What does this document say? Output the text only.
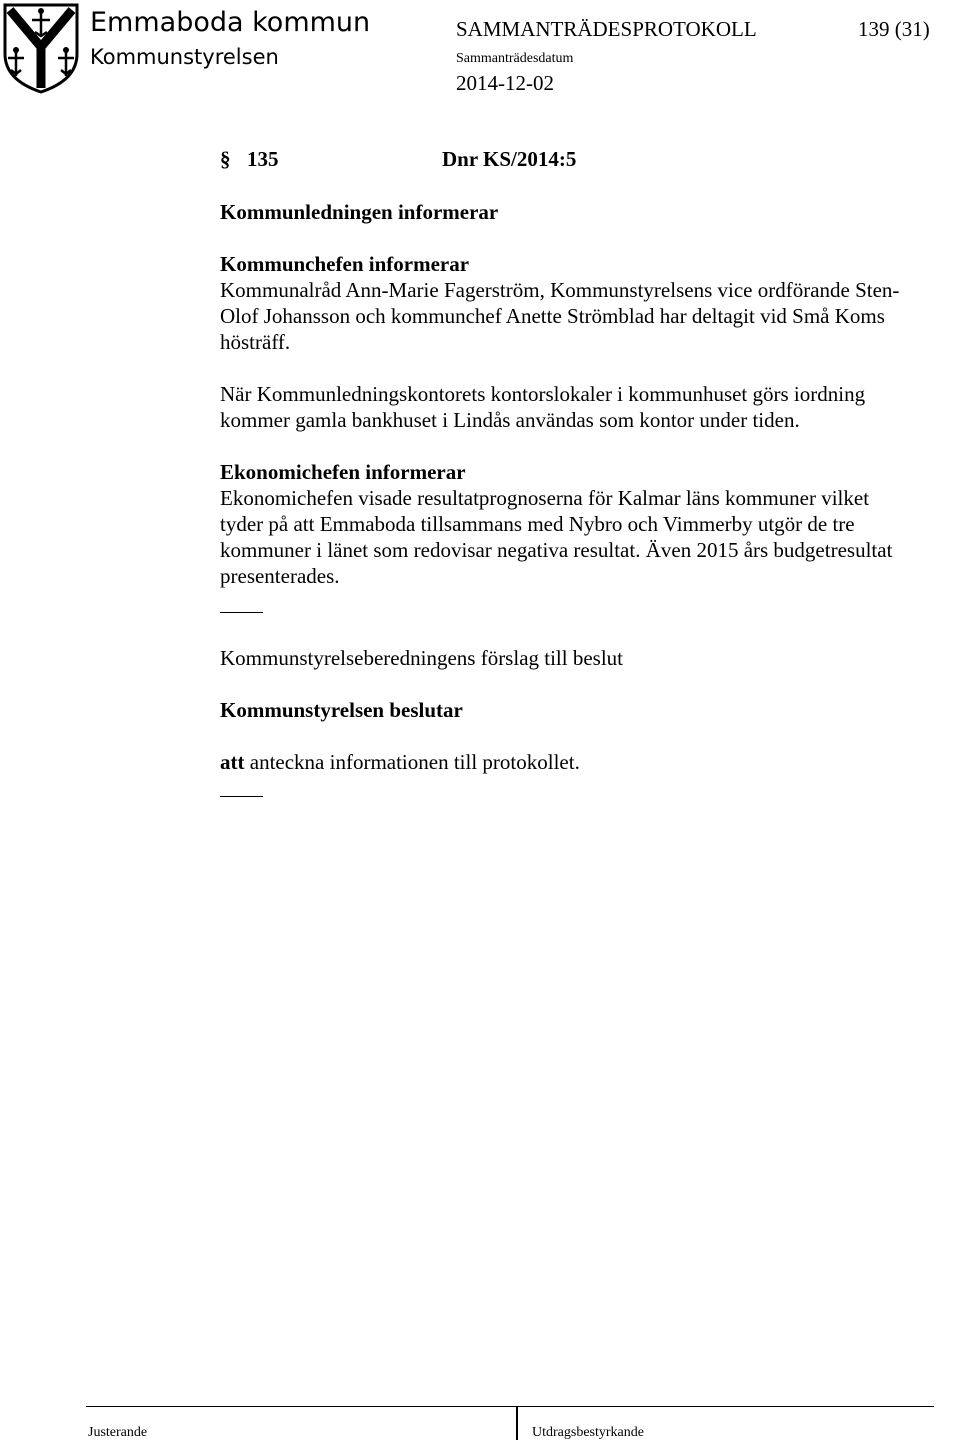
Emmaboda kommun
Kommunstyrelsen
SAMMANTRÄDESPROTOKOLL	139 (31)
Sammanträdesdatum
2014-12-02
§ 135	Dnr KS/2014:5
Kommunledningen informerar
Kommunchefen informerar
Kommunalråd Ann-Marie Fagerström, Kommunstyrelsens vice ordförande Sten-
Olof Johansson och kommunchef Anette Strömblad har deltagit vid Små Koms
hösträff.
När Kommunledningskontorets kontorslokaler i kommunhuset görs iordning
kommer gamla bankhuset i Lindås användas som kontor under tiden.
Ekonomichefen informerar
Ekonomichefen visade resultatprognoserna för Kalmar läns kommuner vilket
tyder på att Emmaboda tillsammans med Nybro och Vimmerby utgör de tre
kommuner i länet som redovisar negativa resultat. Även 2015 års budgetresultat
presenterades.
Kommunstyrelseberedningens förslag till beslut
Kommunstyrelsen beslutar
att anteckna informationen till protokollet.
Justerande	Utdragsbestyrkande
